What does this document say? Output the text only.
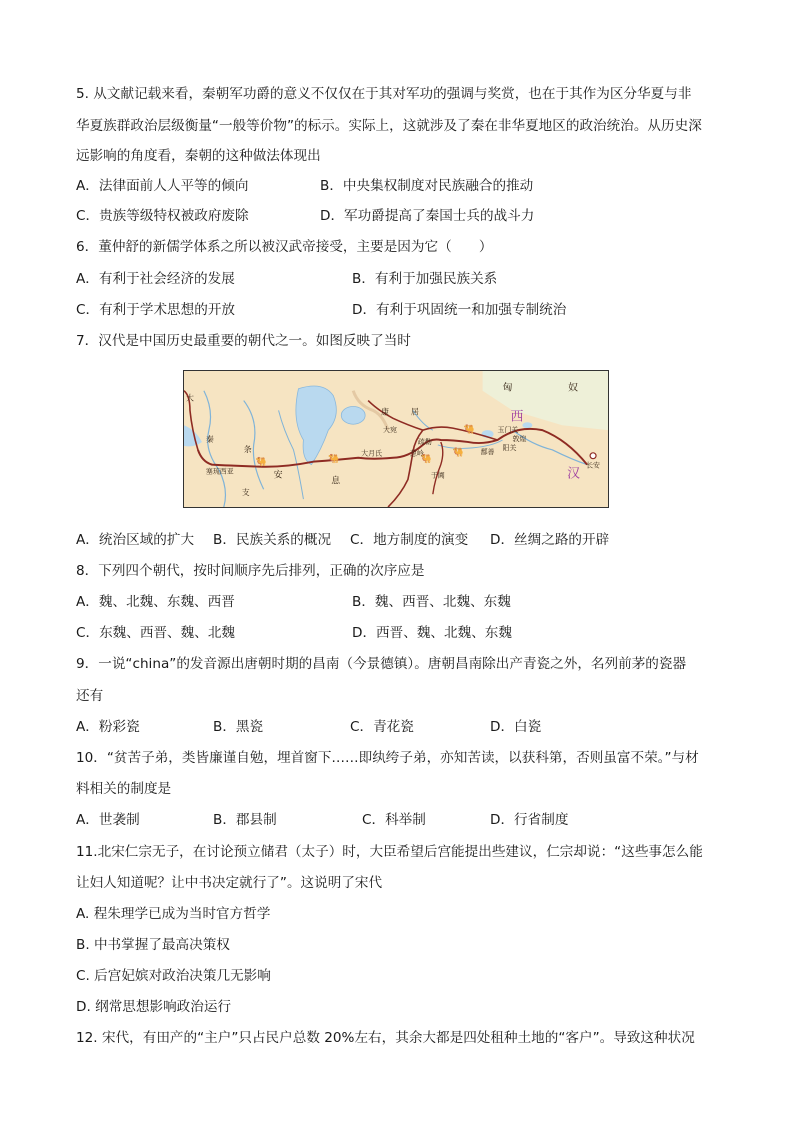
5. 从文献记载来看，秦朝军功爵的意义不仅仅在于其对军功的强调与奖赏，也在于其作为区分华夏与非
华夏族群政治层级衡量“一般等价物”的标示。实际上，这就涉及了秦在非华夏地区的政治统治。从历史深
远影响的角度看，秦朝的这种做法体现出
A．法律面前人人平等的倾向	B．中央集权制度对民族融合的推动
C．贵族等级特权被政府废除	D．军功爵提高了秦国士兵的战斗力
6．董仲舒的新儒学体系之所以被汉武帝接受，主要是因为它（　　）
A．有利于社会经济的发展	B．有利于加强民族关系
C．有利于学术思想的开放	D．有利于巩固统一和加强专制统治
7．汉代是中国历史最重要的朝代之一。如图反映了当时
🐫
🐫
🐫
🐫
🐫
匈	奴
西
汉
长安
玉门关
敦煌
阳关
鄯善
康	居
大宛
疏勒
葱岭
大月氏
于阗
安
息
条
支
秦
塞琉西亚
大
A．统治区域的扩大 B．民族关系的概况 C．地方制度的演变 D．丝绸之路的开辟
8．下列四个朝代，按时间顺序先后排列，正确的次序应是
A．魏、北魏、东魏、西晋	B．魏、西晋、北魏、东魏
C．东魏、西晋、魏、北魏	D．西晋、魏、北魏、东魏
9．一说“china”的发音源出唐朝时期的昌南（今景德镇）。唐朝昌南除出产青瓷之外，名列前茅的瓷器
还有
A．粉彩瓷	B．黑瓷	C．青花瓷	D．白瓷
10．“贫苦子弟，类皆廉谨自勉，埋首窗下……即纨绔子弟，亦知苦读，以获科第，否则虽富不荣。”与材
料相关的制度是
A．世袭制	B．郡县制	C．科举制	D．行省制度
11.北宋仁宗无子，在讨论预立储君（太子）时，大臣希望后宫能提出些建议，仁宗却说：“这些事怎么能
让妇人知道呢？让中书决定就行了”。这说明了宋代
A. 程朱理学已成为当时官方哲学
B. 中书掌握了最高决策权
C. 后宫妃嫔对政治决策几无影响
D. 纲常思想影响政治运行
12. 宋代，有田产的“主户”只占民户总数 20%左右，其余大都是四处租种土地的“客户”。导致这种状况
